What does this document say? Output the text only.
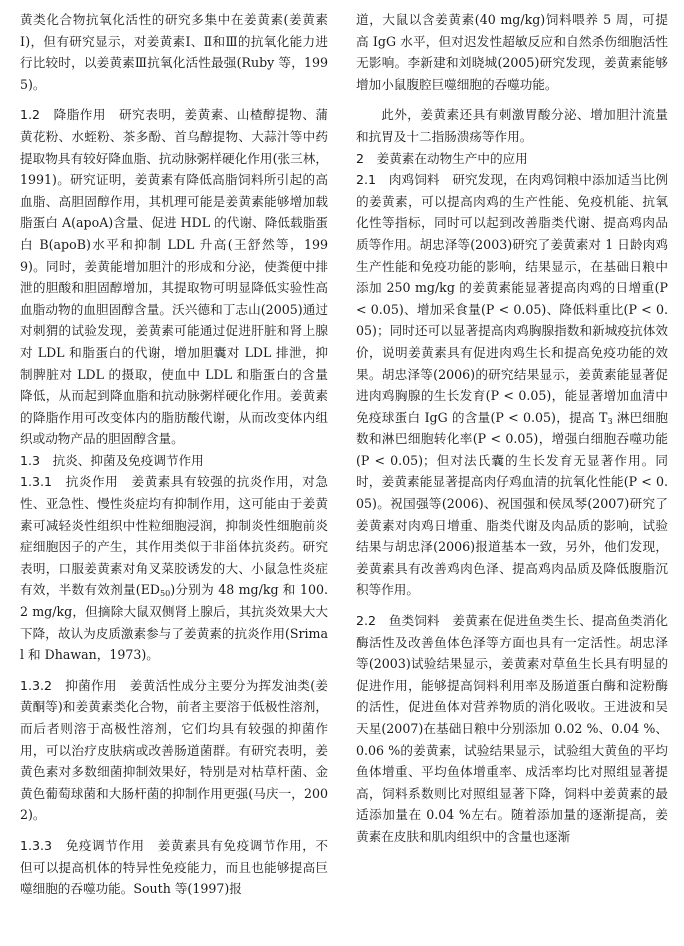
黄类化合物抗氧化活性的研究多集中在姜黄素(姜黄素Ⅰ)，但有研究显示，对姜黄素Ⅰ、Ⅱ和Ⅲ的抗氧化能力进行比较时，以姜黄素Ⅲ抗氧化活性最强(Ruby 等，1995)。

1.2　降脂作用　 研究表明，姜黄素、山楂醇提物、蒲黄花粉、水蛭粉、茶多酚、首乌醇提物、大蒜汁等中药提取物具有较好降血脂、抗动脉粥样硬化作用(张三林，1991)。研究证明，姜黄素有降低高脂饲料所引起的高血脂、高胆固醇作用，其机理可能是姜黄素能够增加载脂蛋白 A(apoA)含量、促进 HDL 的代谢、降低载脂蛋白 B(apoB)水平和抑制 LDL 升高(王舒然等，1999)。同时，姜黄能增加胆汁的形成和分泌，使粪便中排泄的胆酸和胆固醇增加，其提取物可明显降低实验性高血脂动物的血胆固醇含量。沃兴德和丁志山(2005)通过对刺猬的试验发现，姜黄素可能通过促进肝脏和肾上腺对 LDL 和脂蛋白的代谢，增加胆囊对 LDL 排泄，抑制脾脏对 LDL 的摄取，使血中 LDL 和脂蛋白的含量降低，从而起到降血脂和抗动脉粥样硬化作用。姜黄素的降脂作用可改变体内的脂肪酸代谢，从而改变体内组织或动物产品的胆固醇含量。

1.3　抗炎、抑菌及免疫调节作用

1.3.1　抗炎作用　 姜黄素具有较强的抗炎作用，对急性、亚急性、慢性炎症均有抑制作用，这可能由于姜黄素可减轻炎性组织中性粒细胞浸润，抑制炎性细胞前炎症细胞因子的产生，其作用类似于非甾体抗炎药。研究表明，口服姜黄素对角叉菜胶诱发的大、小鼠急性炎症有效，半数有效剂量$(ED_{50})$分别为 48 mg/kg 和 100.2 mg/kg，但摘除大鼠双侧肾上腺后，其抗炎效果大大下降，故认为皮质激素参与了姜黄素的抗炎作用(Srimal 和 Dhawan，1973)。

1.3.2　抑菌作用　 姜黄活性成分主要分为挥发油类(姜黄酮等)和姜黄素类化合物，前者主要溶于低极性溶剂，而后者则溶于高极性溶剂，它们均具有较强的抑菌作用，可以治疗皮肤病或改善肠道菌群。有研究表明，姜黄色素对多数细菌抑制效果好，特别是对枯草杆菌、金黄色葡萄球菌和大肠杆菌的抑制作用更强(马庆一，2002)。

1.3.3　免疫调节作用　 姜黄素具有免疫调节作用，不但可以提高机体的特异性免疫能力，而且也能够提高巨噬细胞的吞噬功能。South 等(1997)报

道，大鼠以含姜黄素(40 mg/kg)饲料喂养 5 周，可提高 IgG 水平，但对迟发性超敏反应和自然杀伤细胞活性无影响。李新建和刘晓城(2005)研究发现，姜黄素能够增加小鼠腹腔巨噬细胞的吞噬功能。

此外，姜黄素还具有刺激胃酸分泌、增加胆汁流量和抗胃及十二指肠溃疡等作用。

2　姜黄素在动物生产中的应用

2.1　肉鸡饲料　 研究发现，在肉鸡饲粮中添加适当比例的姜黄素，可以提高肉鸡的生产性能、免疫机能、抗氧化性等指标，同时可以起到改善脂类代谢、提高鸡肉品质等作用。胡忠泽等(2003)研究了姜黄素对 1 日龄肉鸡生产性能和免疫功能的影响，结果显示，在基础日粮中添加 250 mg/kg 的姜黄素能显著提高肉鸡的日增重(P < 0.05)、增加采食量(P < 0.05)、降低料重比(P < 0.05)；同时还可以显著提高肉鸡胸腺指数和新城疫抗体效价，说明姜黄素具有促进肉鸡生长和提高免疫功能的效果。胡忠泽等(2006)的研究结果显示，姜黄素能显著促进肉鸡胸腺的生长发育(P < 0.05)，能显著增加血清中免疫球蛋白 IgG 的含量(P < 0.05)，提高 $T_3$ 淋巴细胞数和淋巴细胞转化率(P < 0.05)，增强白细胞吞噬功能(P < 0.05)；但对法氏囊的生长发育无显著作用。同时，姜黄素能显著提高肉仔鸡血清的抗氧化性能(P < 0.05)。祝国强等(2006)、祝国强和侯凤琴(2007)研究了姜黄素对肉鸡日增重、脂类代谢及肉品质的影响，试验结果与胡忠泽(2006)报道基本一致，另外，他们发现，姜黄素具有改善鸡肉色泽、提高鸡肉品质及降低腹脂沉积等作用。

2.2　鱼类饲料　 姜黄素在促进鱼类生长、提高鱼类消化酶活性及改善鱼体色泽等方面也具有一定活性。胡忠泽等(2003)试验结果显示，姜黄素对草鱼生长具有明显的促进作用，能够提高饲料利用率及肠道蛋白酶和淀粉酶的活性，促进鱼体对营养物质的消化吸收。王进波和吴天星(2007)在基础日粮中分别添加 0.02 %、0.04 %、0.06 %的姜黄素，试验结果显示，试验组大黄鱼的平均鱼体增重、平均鱼体增重率、成活率均比对照组显著提高，饲料系数则比对照组显著下降，饲料中姜黄素的最适添加量在 0.04 %左右。随着添加量的逐渐提高，姜黄素在皮肤和肌肉组织中的含量也逐渐
